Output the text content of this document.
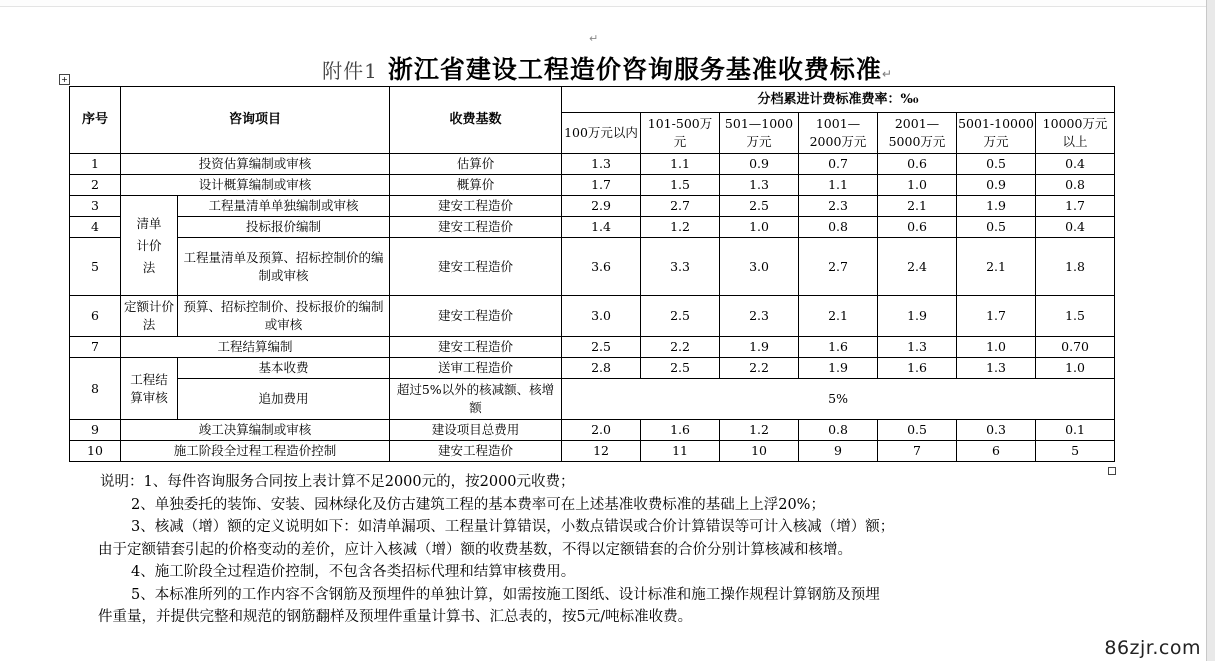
↵
附件1 浙江省建设工程造价咨询服务基准收费标准↵
+
序号	咨询项目		收费基数	分档累进计费标准费率：%₀						
				100万元以内	101-500万元	501—1000万元	1001—2000万元	2001—5000万元	5001-10000万元	10000万元以上
1	投资估算编制或审核		估算价	1.3	1.1	0.9	0.7	0.6	0.5	0.4
2	设计概算编制或审核		概算价	1.7	1.5	1.3	1.1	1.0	0.9	0.8
3	清单计价法	工程量清单单独编制或审核	建安工程造价	2.9	2.7	2.5	2.3	2.1	1.9	1.7
4		投标报价编制	建安工程造价	1.4	1.2	1.0	0.8	0.6	0.5	0.4
5		工程量清单及预算、招标控制价的编制或审核	建安工程造价	3.6	3.3	3.0	2.7	2.4	2.1	1.8
6	定额计价法	预算、招标控制价、投标报价的编制或审核	建安工程造价	3.0	2.5	2.3	2.1	1.9	1.7	1.5
7	工程结算编制		建安工程造价	2.5	2.2	1.9	1.6	1.3	1.0	0.70
8	工程结算审核	基本收费	送审工程造价	2.8	2.5	2.2	1.9	1.6	1.3	1.0
		追加费用	超过5%以外的核减额、核增额	5%						
9	竣工决算编制或审核		建设项目总费用	2.0	1.6	1.2	0.8	0.5	0.3	0.1
10	施工阶段全过程工程造价控制		建安工程造价	12	11	10	9	7	6	5
说明：1、每件咨询服务合同按上表计算不足2000元的，按2000元收费；
2、单独委托的装饰、安装、园林绿化及仿古建筑工程的基本费率可在上述基准收费标准的基础上上浮20%；
3、核减（增）额的定义说明如下：如清单漏项、工程量计算错误，小数点错误或合价计算错误等可计入核减（增）额；
由于定额错套引起的价格变动的差价，应计入核减（增）额的收费基数，不得以定额错套的合价分别计算核减和核增。
4、施工阶段全过程造价控制，不包含各类招标代理和结算审核费用。
5、本标准所列的工作内容不含钢筋及预埋件的单独计算，如需按施工图纸、设计标准和施工操作规程计算钢筋及预埋
件重量，并提供完整和规范的钢筋翻样及预埋件重量计算书、汇总表的，按5元/吨标准收费。
86zjr.com
